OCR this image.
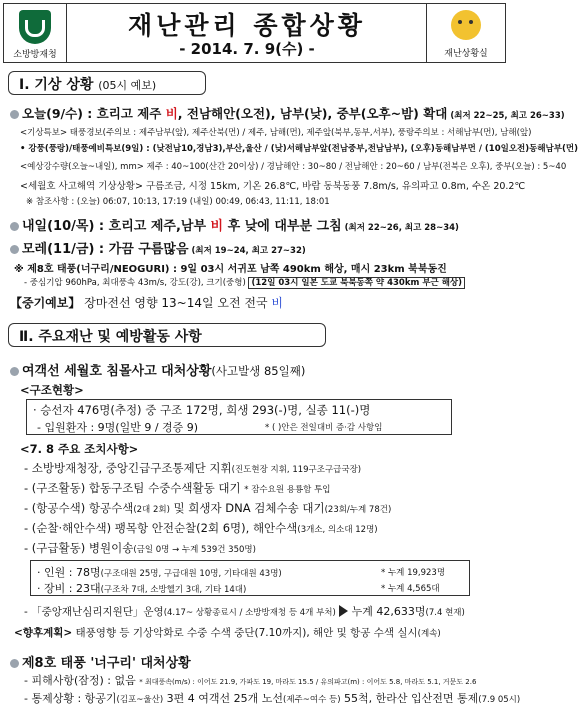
소방방재청
재난관리 종합상황
- 2014. 7. 9(수) -	재난상황실
Ⅰ. 기상 상황 (05시 예보)
오늘(9/수) : 흐리고 제주 비, 전남해안(오전), 남부(낮), 중부(오후~밤) 확대 (최저 22~25, 최고 26~33)
<기상특보> 태풍경보(주의보 : 제주남부(앞), 제주산북(먼) / 제주, 남해(먼), 제주앞(북부,동부,서부), 풍랑주의보 : 서해남부(먼), 남해(앞)
• 강풍(풍랑)/태풍예비특보(9일) : (낮전남10,경남3),부산,울산 / (낮)서해남부앞(전남중부,전남남부), (오후)동해남부먼 / (10일오전)동해남부(먼)
<예상강수량(오늘~내일), mm> 제주 : 40~100(산간 20이상) / 경남해안 : 30~80 / 전남해안 : 20~60 / 남부(전북은 오후), 중부(오늘) : 5~40
<세월호 사고해역 기상상황> 구름조금, 시정 15km, 기온 26.8℃, 바람 동북동풍 7.8m/s, 유의파고 0.8m, 수온 20.2℃
※ 참조사항 : (오늘) 06:07, 10:13, 17:19 (내일) 00:49, 06:43, 11:11, 18:01
내일(10/목) : 흐리고 제주,남부 비 후 낮에 대부분 그침 (최저 22~26, 최고 28~34)
모레(11/금) : 가끔 구름많음 (최저 19~24, 최고 27~32)
※ 제8호 태풍(너구리/NEOGURI) : 9일 03시 서귀포 남쪽 490km 해상, 매시 23km 북북동진
- 중심기압 960hPa, 최대풍속 43m/s, 강도(강), 크기(중형) (12일 03시 일본 도쿄 북북동쪽 약 430km 부근 해상)
【중기예보】 장마전선 영향 13~14일 오전 전국 비
Ⅱ. 주요재난 및 예방활동 사항
여객선 세월호 침몰사고 대처상황(사고발생 85일째)
<구조현황>
· 승선자 476명(추정) 중 구조 172명, 희생 293(-)명, 실종 11(-)명
- 입원환자 : 9명(일반 9 / 경증 9)	* ( )안은 전일대비 증·감 사항임
<7. 8 주요 조치사항>
- 소방방재청장, 중앙긴급구조통제단 지휘(진도현장 지휘, 119구조구급국장)
- (구조활동) 합동구조팀 수중수색활동 대기 * 잠수요원 용룡함 투입
- (항공수색) 항공수색(2대 2회) 및 희생자 DNA 검체수송 대기(23회/누계 78건)
- (순찰·해안수색) 팽목항 안전순찰(2회 6명), 해안수색(3개소, 의소대 12명)
- (구급활동) 병원이송(금일 0명 → 누계 539건 350명)
· 인원 : 78명(구조대원 25명, 구급대원 10명, 기타대원 43명)	* 누계 19,923명
· 장비 : 23대(구조차 7대, 소방헬기 3대, 기타 14대)	* 누계 4,565대
- 「중앙재난심리지원단」운영(4.17~ 상황종료시 / 소방방재청 등 4개 부처)  누계 42,633명(7.4 현재)
<향후계획> 태풍영향 등 기상악화로 수중 수색 중단(7.10까지), 해안 및 항공 수색 실시(계속)
제8호 태풍 '너구리' 대처상황
- 피해사항(잠정) : 없음 * 최대풍속(m/s) : 이어도 21.9, 가파도 19, 마라도 15.5 / 유의파고(m) : 이어도 5.8, 마라도 5.1, 거문도 2.6
- 통제상황 : 항공기(김포~울산) 3편 4 여객선 25개 노선(제주~여수 등) 55척, 한라산 입산전면 통제(7.9 05시)
